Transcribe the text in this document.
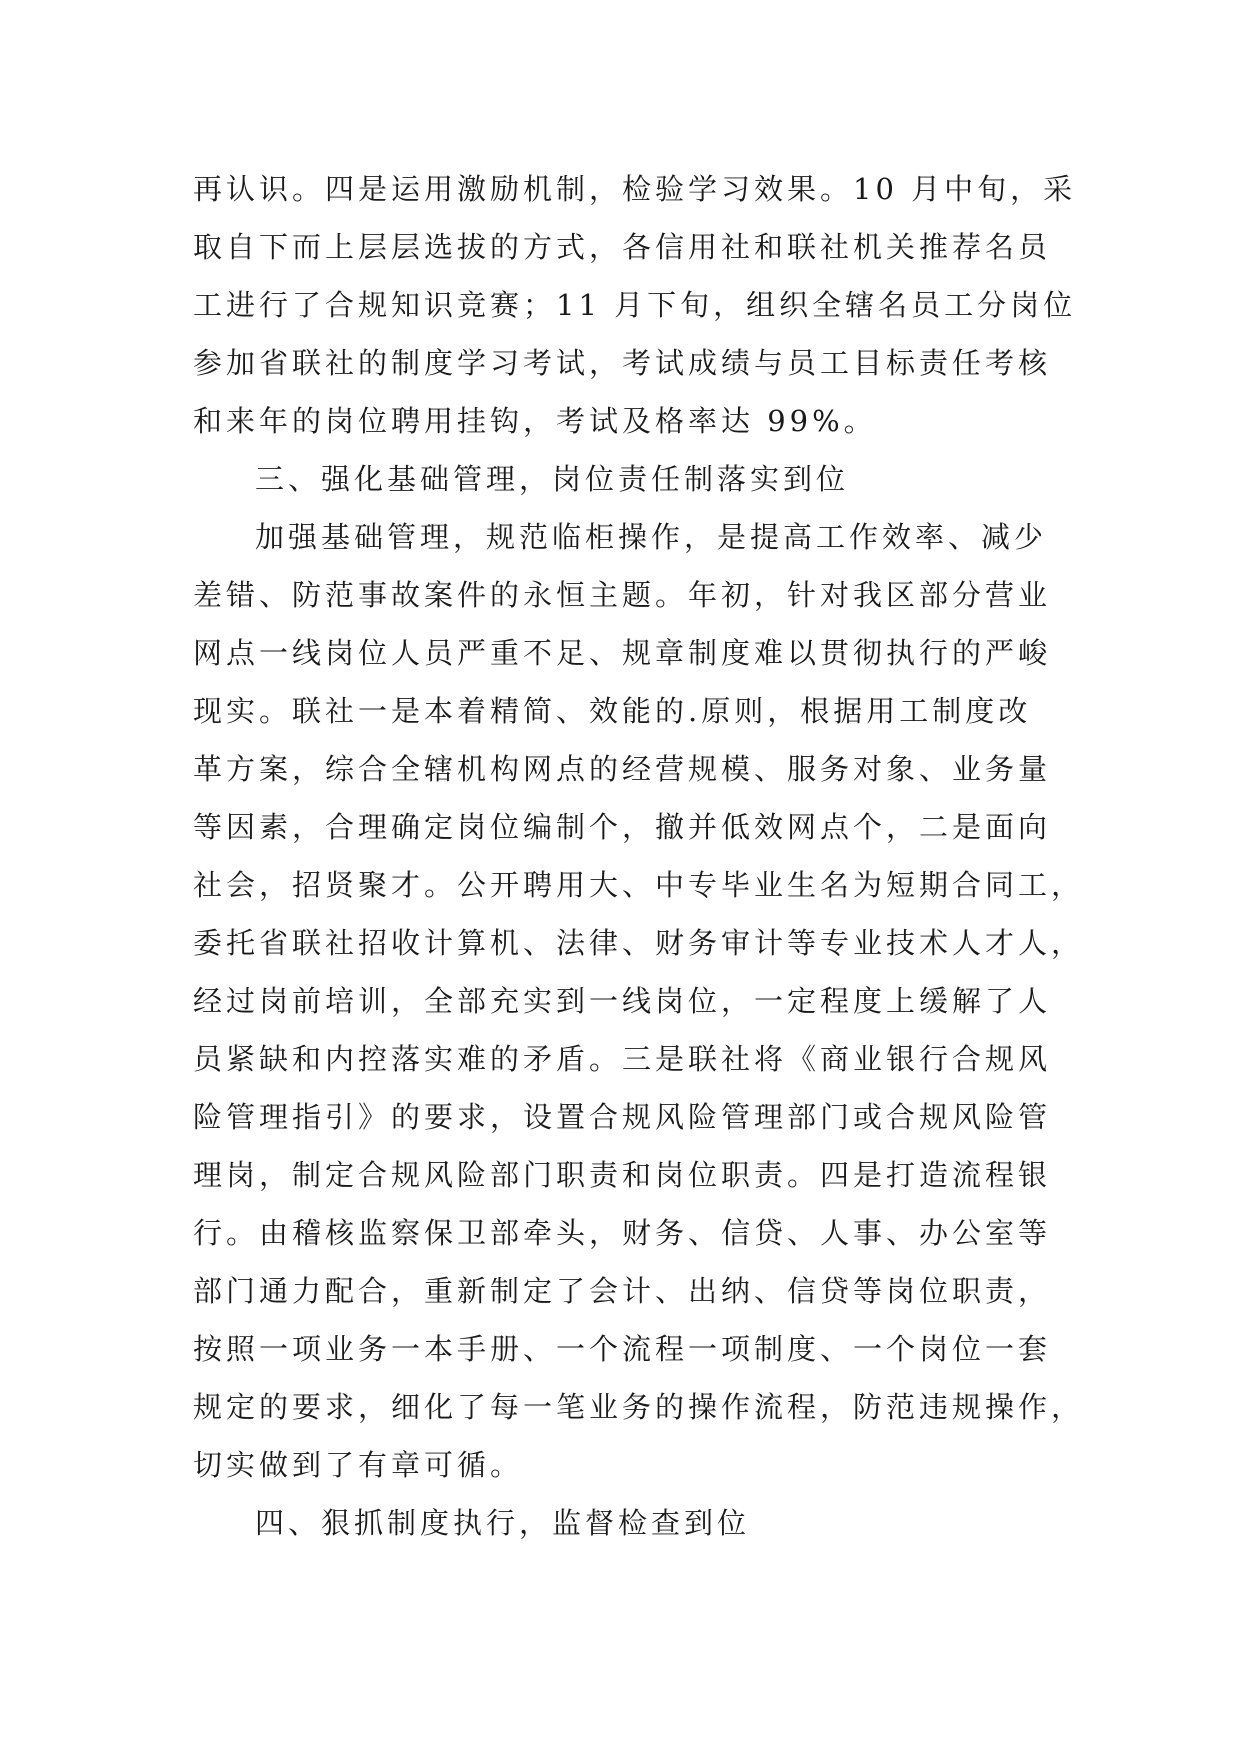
再认识。四是运用激励机制，检验学习效果。10 月中旬，采
取自下而上层层选拔的方式，各信用社和联社机关推荐名员
工进行了合规知识竞赛；11 月下旬，组织全辖名员工分岗位
参加省联社的制度学习考试，考试成绩与员工目标责任考核
和来年的岗位聘用挂钩，考试及格率达 99%。
三、强化基础管理，岗位责任制落实到位
加强基础管理，规范临柜操作，是提高工作效率、减少
差错、防范事故案件的永恒主题。年初，针对我区部分营业
网点一线岗位人员严重不足、规章制度难以贯彻执行的严峻
现实。联社一是本着精简、效能的.原则，根据用工制度改
革方案，综合全辖机构网点的经营规模、服务对象、业务量
等因素，合理确定岗位编制个，撤并低效网点个，二是面向
社会，招贤聚才。公开聘用大、中专毕业生名为短期合同工，
委托省联社招收计算机、法律、财务审计等专业技术人才人，
经过岗前培训，全部充实到一线岗位，一定程度上缓解了人
员紧缺和内控落实难的矛盾。三是联社将《商业银行合规风
险管理指引》的要求，设置合规风险管理部门或合规风险管
理岗，制定合规风险部门职责和岗位职责。四是打造流程银
行。由稽核监察保卫部牵头，财务、信贷、人事、办公室等
部门通力配合，重新制定了会计、出纳、信贷等岗位职责，
按照一项业务一本手册、一个流程一项制度、一个岗位一套
规定的要求，细化了每一笔业务的操作流程，防范违规操作，
切实做到了有章可循。
四、狠抓制度执行，监督检查到位
